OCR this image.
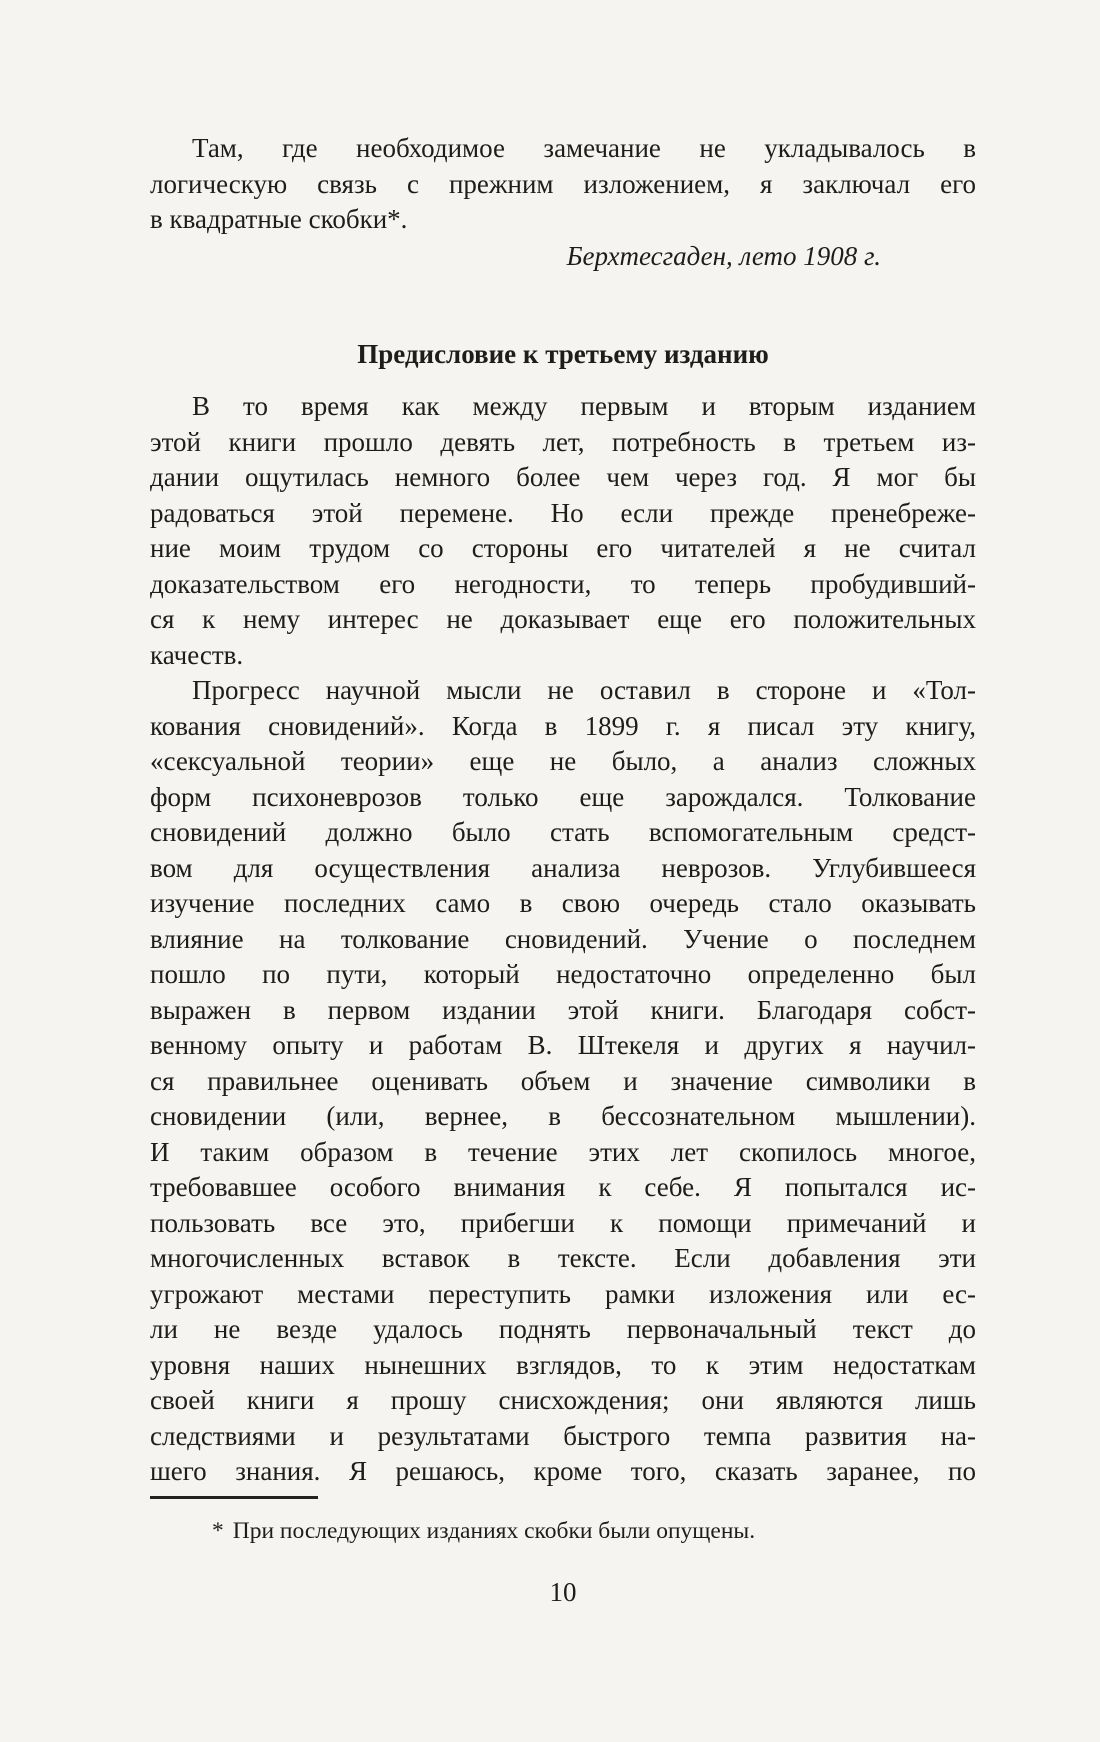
Там, где необходимое замечание не укладывалось в
логическую связь с прежним изложением, я заключал его
в квадратные скобки*.
Берхтесгаден, лето 1908 г.
Предисловие к третьему изданию
В то время как между первым и вторым изданием
этой книги прошло девять лет, потребность в третьем из-
дании ощутилась немного более чем через год. Я мог бы
радоваться этой перемене. Но если прежде пренебреже-
ние моим трудом со стороны его читателей я не считал
доказательством его негодности, то теперь пробудивший-
ся к нему интерес не доказывает еще его положительных
качеств.
Прогресс научной мысли не оставил в стороне и «Тол-
кования сновидений». Когда в 1899 г. я писал эту книгу,
«сексуальной теории» еще не было, а анализ сложных
форм психоневрозов только еще зарождался. Толкование
сновидений должно было стать вспомогательным средст-
вом для осуществления анализа неврозов. Углубившееся
изучение последних само в свою очередь стало оказывать
влияние на толкование сновидений. Учение о последнем
пошло по пути, который недостаточно определенно был
выражен в первом издании этой книги. Благодаря собст-
венному опыту и работам В. Штекеля и других я научил-
ся правильнее оценивать объем и значение символики в
сновидении (или, вернее, в бессознательном мышлении).
И таким образом в течение этих лет скопилось многое,
требовавшее особого внимания к себе. Я попытался ис-
пользовать все это, прибегши к помощи примечаний и
многочисленных вставок в тексте. Если добавления эти
угрожают местами переступить рамки изложения или ес-
ли не везде удалось поднять первоначальный текст до
уровня наших нынешних взглядов, то к этим недостаткам
своей книги я прошу снисхождения; они являются лишь
следствиями и результатами быстрого темпа развития на-
шего знания. Я решаюсь, кроме того, сказать заранее, по
* При последующих изданиях скобки были опущены.
10
